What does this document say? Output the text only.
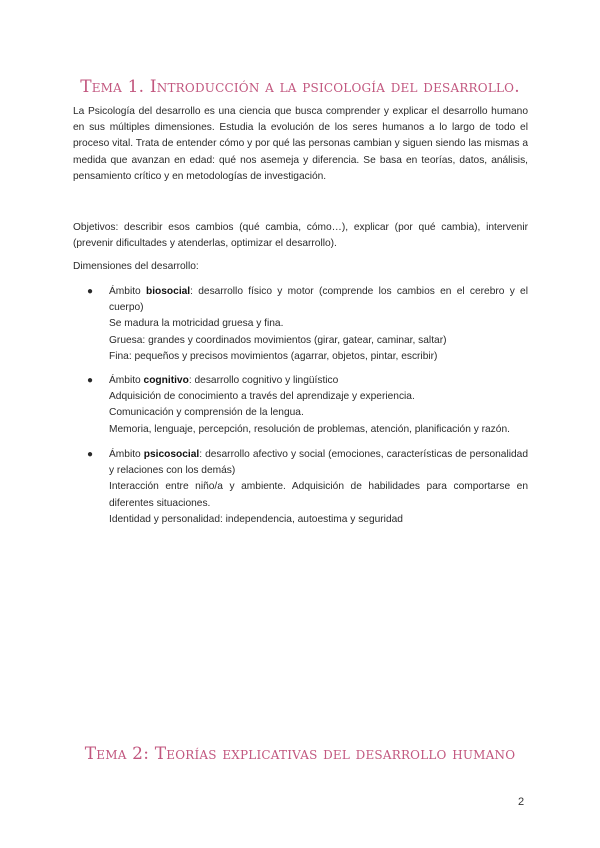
Tema 1. Introducción a la psicología del desarrollo.
La Psicología del desarrollo es una ciencia que busca comprender y explicar el desarrollo humano en sus múltiples dimensiones. Estudia la evolución de los seres humanos a lo largo de todo el proceso vital. Trata de entender cómo y por qué las personas cambian y siguen siendo las mismas a medida que avanzan en edad: qué nos asemeja y diferencia. Se basa en teorías, datos, análisis, pensamiento crítico y en metodologías de investigación.
Objetivos: describir esos cambios (qué cambia, cómo…), explicar (por qué cambia), intervenir (prevenir dificultades y atenderlas, optimizar el desarrollo).
Dimensiones del desarrollo:
● Ámbito biosocial: desarrollo físico y motor (comprende los cambios en el cerebro y el cuerpo)
Se madura la motricidad gruesa y fina.
Gruesa: grandes y coordinados movimientos (girar, gatear, caminar, saltar)
Fina: pequeños y precisos movimientos (agarrar, objetos, pintar, escribir)
● Ámbito cognitivo: desarrollo cognitivo y lingüístico
Adquisición de conocimiento a través del aprendizaje y experiencia.
Comunicación y comprensión de la lengua.
Memoria, lenguaje, percepción, resolución de problemas, atención, planificación y razón.
● Ámbito psicosocial: desarrollo afectivo y social (emociones, características de personalidad y relaciones con los demás)
Interacción entre niño/a y ambiente. Adquisición de habilidades para comportarse en diferentes situaciones.
Identidad y personalidad: independencia, autoestima y seguridad
Tema 2: Teorías explicativas del desarrollo humano
2
